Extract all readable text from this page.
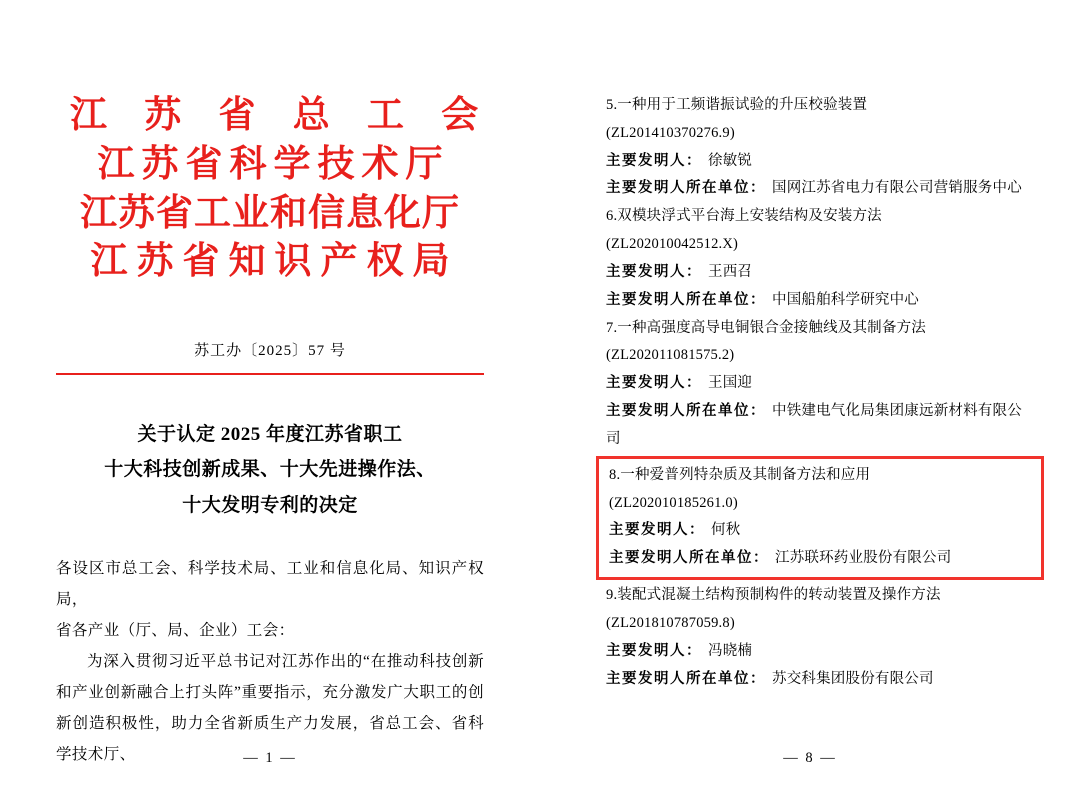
江 苏 省 总 工 会
江苏省科学技术厅
江苏省工业和信息化厅
江苏省知识产权局
苏工办〔2025〕57 号
关于认定 2025 年度江苏省职工
十大科技创新成果、十大先进操作法、
十大发明专利的决定

各设区市总工会、科学技术局、工业和信息化局、知识产权局，

省各产业（厅、局、企业）工会：

为深入贯彻习近平总书记对江苏作出的“在推动科技创新和产业创新融合上打头阵”重要指示，充分激发广大职工的创新创造积极性，助力全省新质生产力发展，省总工会、省科学技术厅、	— 1 —
5.一种用于工频谐振试验的升压校验装置
(ZL201410370276.9)
主要发明人： 徐敏锐
主要发明人所在单位： 国网江苏省电力有限公司营销服务中心
6.双模块浮式平台海上安装结构及安装方法
(ZL202010042512.X)
主要发明人： 王西召
主要发明人所在单位： 中国船舶科学研究中心
7.一种高强度高导电铜银合金接触线及其制备方法
(ZL202011081575.2)
主要发明人： 王国迎
主要发明人所在单位： 中铁建电气化局集团康远新材料有限公司
8.一种爱普列特杂质及其制备方法和应用
(ZL202010185261.0)
主要发明人： 何秋
主要发明人所在单位： 江苏联环药业股份有限公司
9.装配式混凝土结构预制构件的转动装置及操作方法
(ZL201810787059.8)
主要发明人： 冯晓楠
主要发明人所在单位： 苏交科集团股份有限公司
— 8 —
